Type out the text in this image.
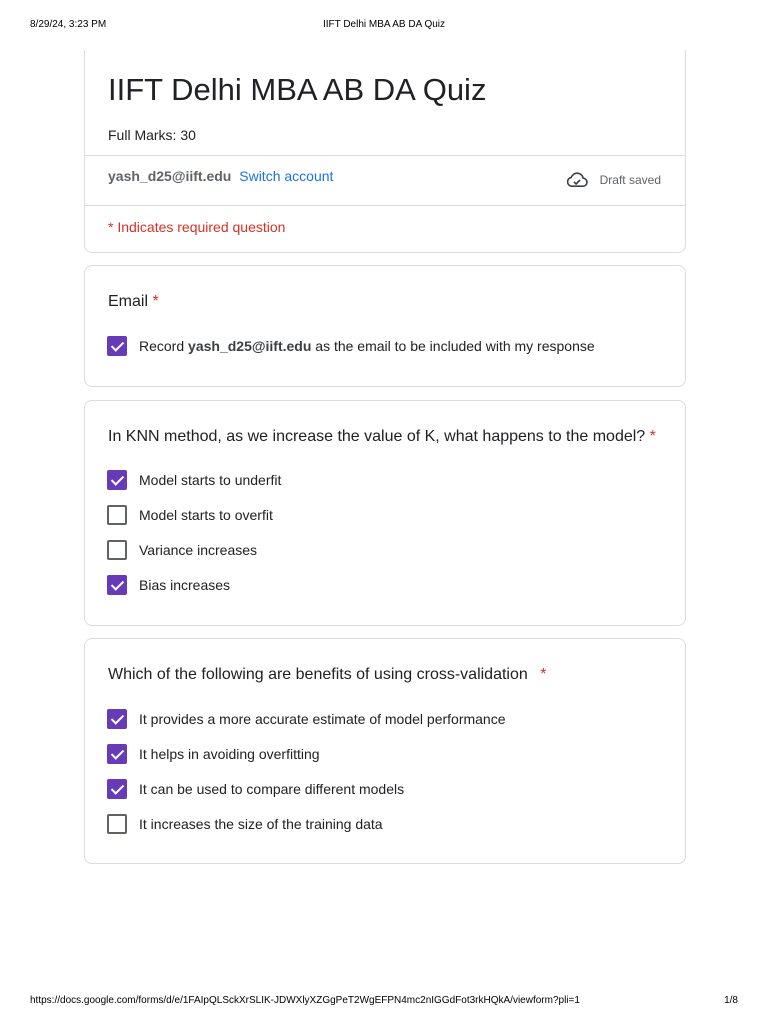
8/29/24, 3:23 PM	IIFT Delhi MBA AB DA Quiz
IIFT Delhi MBA AB DA Quiz
Full Marks: 30
yash_d25@iift.edu Switch account	Draft saved
* Indicates required question
Email *
Record yash_d25@iift.edu as the email to be included with my response
In KNN method, as we increase the value of K, what happens to the model? *
Model starts to underfit
Model starts to overfit
Variance increases
Bias increases
Which of the following are benefits of using cross-validation *
It provides a more accurate estimate of model performance
It helps in avoiding overfitting
It can be used to compare different models
It increases the size of the training data
https://docs.google.com/forms/d/e/1FAIpQLSckXrSLIK-JDWXlyXZGgPeT2WgEFPN4mc2nIGGdFot3rkHQkA/viewform?pli=1	1/8
